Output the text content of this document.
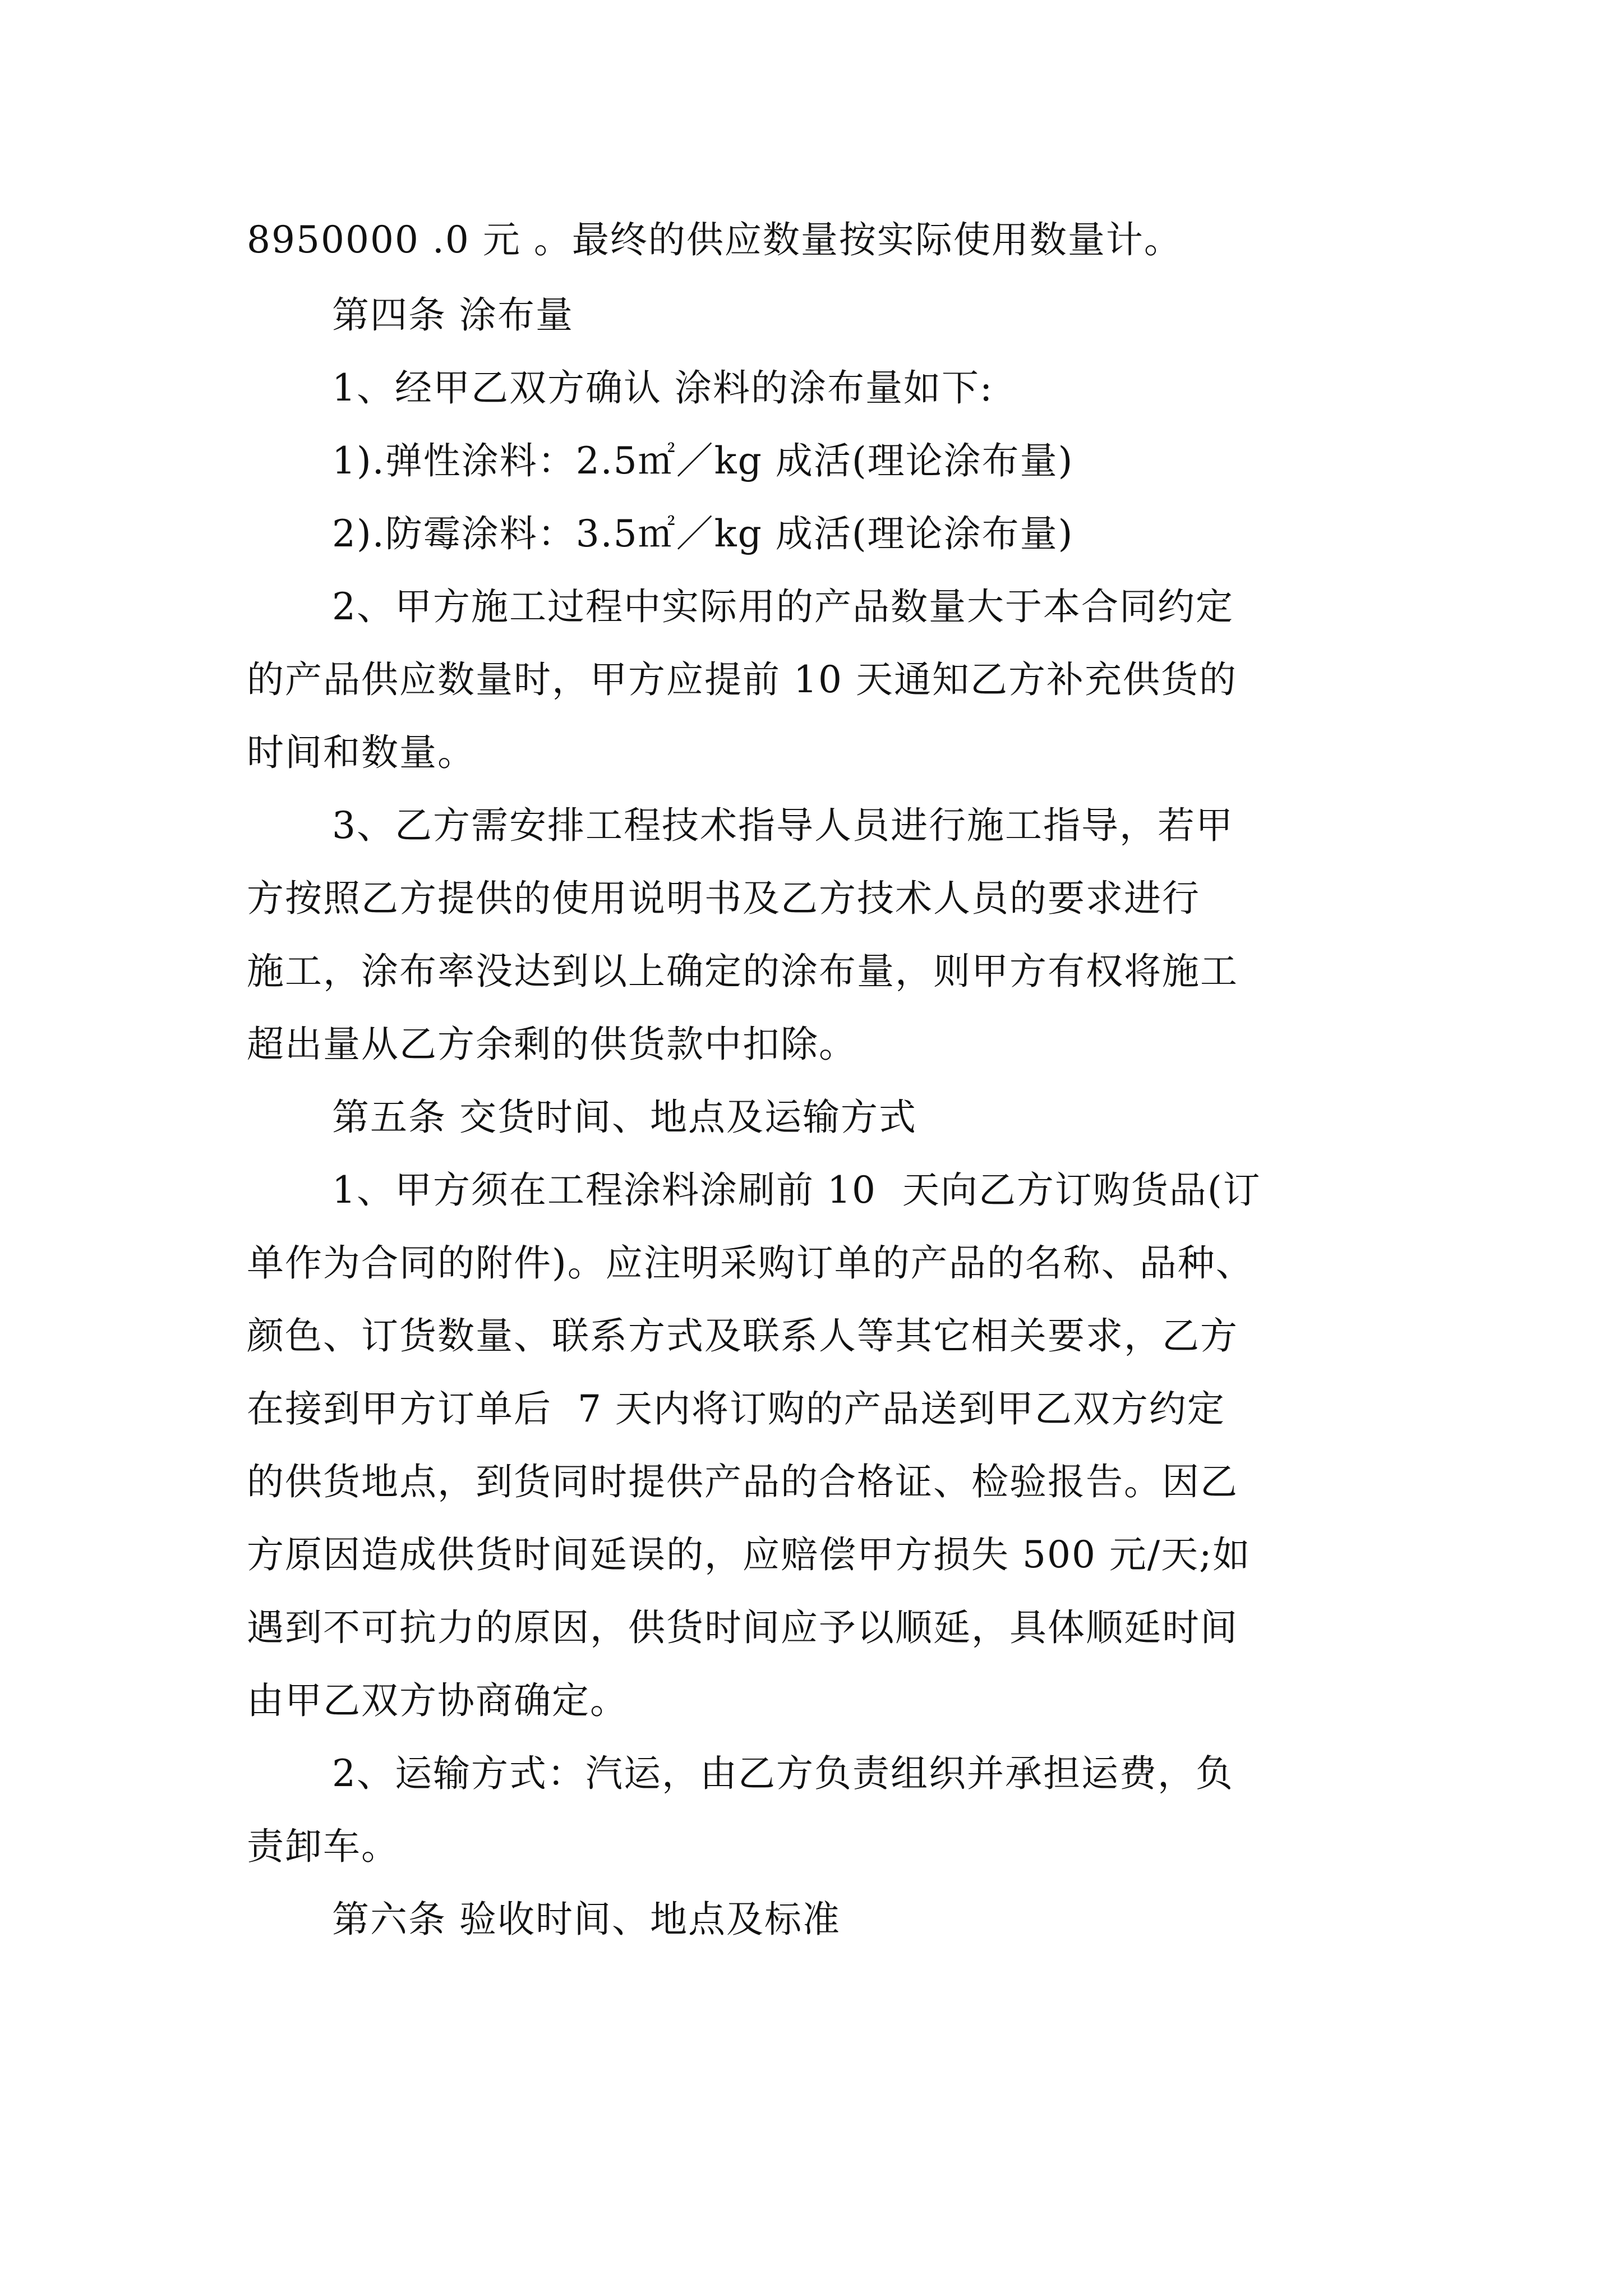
8950000 .0 元 。最终的供应数量按实际使用数量计。
第四条 涂布量
1、经甲乙双方确认 涂料的涂布量如下:
1).弹性涂料：2.5㎡／kg 成活(理论涂布量)
2).防霉涂料：3.5㎡／kg 成活(理论涂布量)
2、甲方施工过程中实际用的产品数量大于本合同约定
的产品供应数量时，甲方应提前 10 天通知乙方补充供货的
时间和数量。
3、乙方需安排工程技术指导人员进行施工指导，若甲
方按照乙方提供的使用说明书及乙方技术人员的要求进行
施工，涂布率没达到以上确定的涂布量，则甲方有权将施工
超出量从乙方余剩的供货款中扣除。
第五条 交货时间、地点及运输方式
1、甲方须在工程涂料涂刷前 10  天向乙方订购货品(订
单作为合同的附件)。应注明采购订单的产品的名称、品种、
颜色、订货数量、联系方式及联系人等其它相关要求，乙方
在接到甲方订单后  7 天内将订购的产品送到甲乙双方约定
的供货地点，到货同时提供产品的合格证、检验报告。因乙
方原因造成供货时间延误的，应赔偿甲方损失 500 元/天;如
遇到不可抗力的原因，供货时间应予以顺延，具体顺延时间
由甲乙双方协商确定。
2、运输方式：汽运，由乙方负责组织并承担运费，负
责卸车。
第六条 验收时间、地点及标准
